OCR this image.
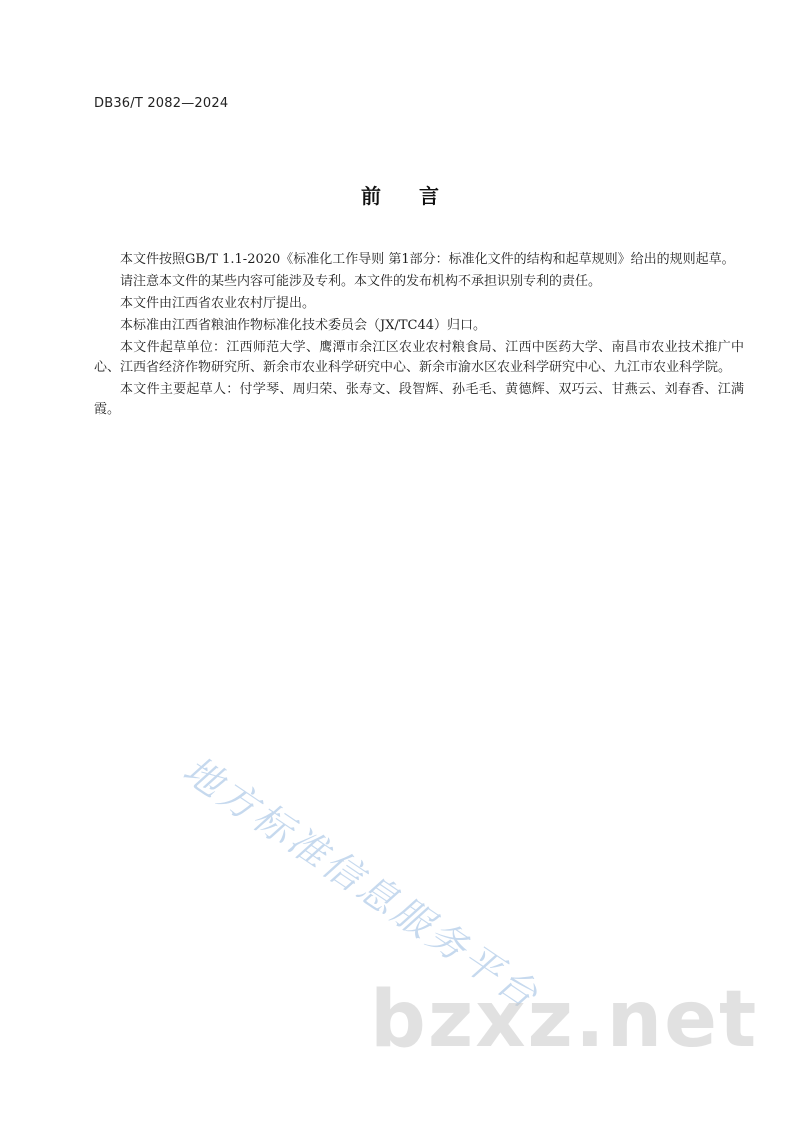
DB36/T 2082—2024
前言

本文件按照GB/T 1.1-2020《标准化工作导则 第1部分：标准化文件的结构和起草规则》给出的规则起草。

请注意本文件的某些内容可能涉及专利。本文件的发布机构不承担识别专利的责任。

本文件由江西省农业农村厅提出。

本标准由江西省粮油作物标准化技术委员会（JX/TC44）归口。

本文件起草单位：江西师范大学、鹰潭市余江区农业农村粮食局、江西中医药大学、南昌市农业技术推广中心、江西省经济作物研究所、新余市农业科学研究中心、新余市渝水区农业科学研究中心、九江市农业科学院。

本文件主要起草人：付学琴、周归荣、张寿文、段智辉、孙毛毛、黄德辉、双巧云、甘燕云、刘春香、江满霞。

地方标准信息服务平台
bzxz.net
